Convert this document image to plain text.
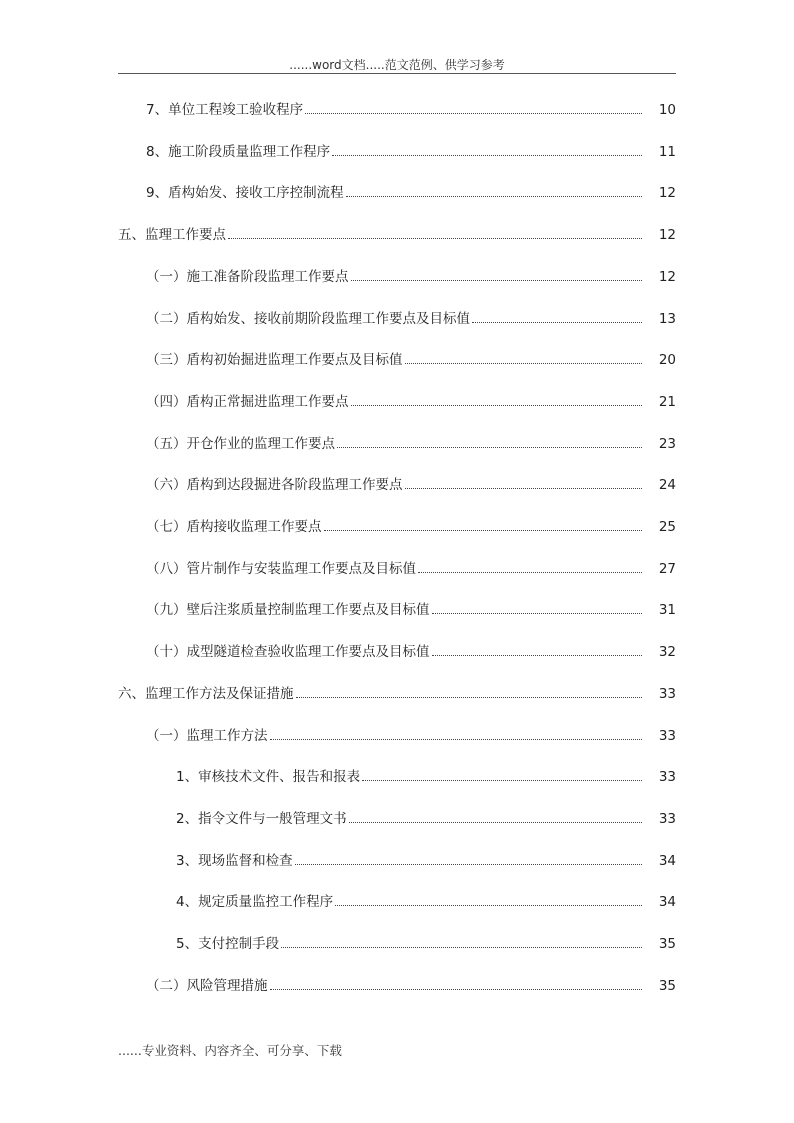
......word文档.....范文范例、供学习参考
7、单位工程竣工验收程序	10
8、施工阶段质量监理工作程序	11
9、盾构始发、接收工序控制流程	12
五、监理工作要点	12
（一）施工准备阶段监理工作要点	12
（二）盾构始发、接收前期阶段监理工作要点及目标值	13
（三）盾构初始掘进监理工作要点及目标值	20
（四）盾构正常掘进监理工作要点	21
（五）开仓作业的监理工作要点	23
（六）盾构到达段掘进各阶段监理工作要点	24
（七）盾构接收监理工作要点	25
（八）管片制作与安装监理工作要点及目标值	27
（九）壁后注浆质量控制监理工作要点及目标值	31
（十）成型隧道检查验收监理工作要点及目标值	32
六、监理工作方法及保证措施	33
（一）监理工作方法	33
1、审核技术文件、报告和报表	33
2、指令文件与一般管理文书	33
3、现场监督和检查	34
4、规定质量监控工作程序	34
5、支付控制手段	35
（二）风险管理措施	35
......专业资料、内容齐全、可分享、下载
